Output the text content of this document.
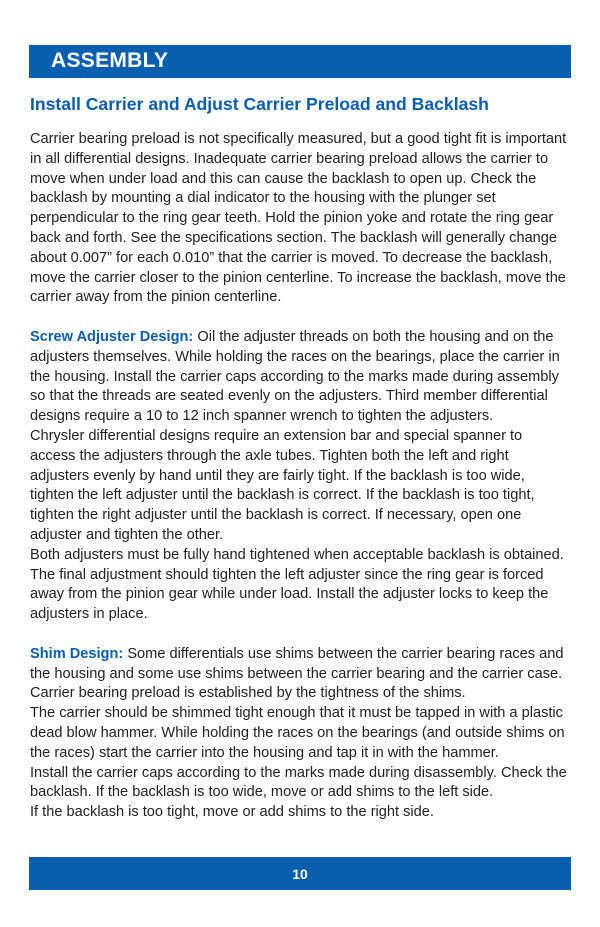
ASSEMBLY
Install Carrier and Adjust Carrier Preload and Backlash

Carrier bearing preload is not specifically measured, but a good tight fit is important in all differential designs. Inadequate carrier bearing preload allows the carrier to move when under load and this can cause the backlash to open up. Check the backlash by mounting a dial indicator to the housing with the plunger set perpendicular to the ring gear teeth. Hold the pinion yoke and rotate the ring gear back and forth. See the specifications section. The backlash will generally change about 0.007” for each 0.010” that the carrier is moved. To decrease the backlash, move the carrier closer to the pinion centerline. To increase the backlash, move the carrier away from the pinion centerline.

Screw Adjuster Design: Oil the adjuster threads on both the housing and on the adjusters themselves. While holding the races on the bearings, place the carrier in the housing. Install the carrier caps according to the marks made during assembly so that the threads are seated evenly on the adjusters. Third member differential designs require a 10 to 12 inch spanner wrench to tighten the adjusters.

Chrysler differential designs require an extension bar and special spanner to access the adjusters through the axle tubes. Tighten both the left and right adjusters evenly by hand until they are fairly tight. If the backlash is too wide, tighten the left adjuster until the backlash is correct. If the backlash is too tight, tighten the right adjuster until the backlash is correct. If necessary, open one adjuster and tighten the other.

Both adjusters must be fully hand tightened when acceptable backlash is obtained. The final adjustment should tighten the left adjuster since the ring gear is forced away from the pinion gear while under load. Install the adjuster locks to keep the adjusters in place.

Shim Design: Some differentials use shims between the carrier bearing races and the housing and some use shims between the carrier bearing and the carrier case. Carrier bearing preload is established by the tightness of the shims.

The carrier should be shimmed tight enough that it must be tapped in with a plastic dead blow hammer. While holding the races on the bearings (and outside shims on the races) start the carrier into the housing and tap it in with the hammer.

Install the carrier caps according to the marks made during disassembly. Check the backlash. If the backlash is too wide, move or add shims to the left side.

If the backlash is too tight, move or add shims to the right side.

10
